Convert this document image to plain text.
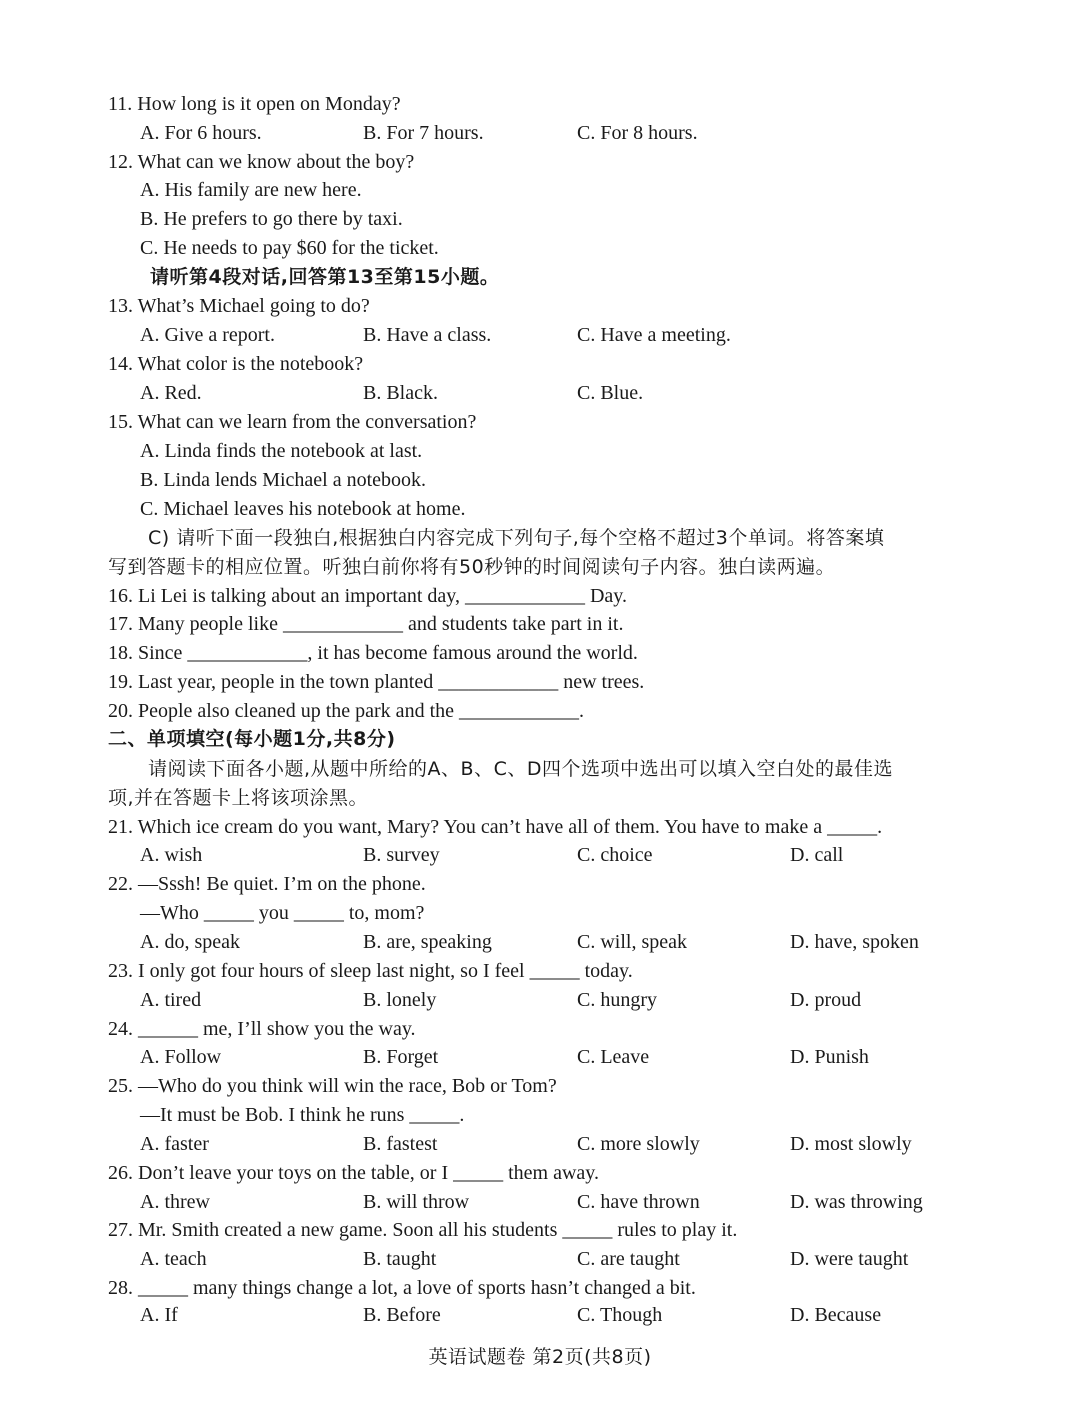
11. How long is it open on Monday?
A. For 6 hours.	B. For 7 hours.	C. For 8 hours.
12. What can we know about the boy?
A. His family are new here.
B. He prefers to go there by taxi.
C. He needs to pay $60 for the ticket.
请听第4段对话,回答第13至第15小题。
13. What’s Michael going to do?
A. Give a report.	B. Have a class.	C. Have a meeting.
14. What color is the notebook?
A. Red.	B. Black.	C. Blue.
15. What can we learn from the conversation?
A. Linda finds the notebook at last.
B. Linda lends Michael a notebook.
C. Michael leaves his notebook at home.
C) 请听下面一段独白,根据独白内容完成下列句子,每个空格不超过3个单词。将答案填
写到答题卡的相应位置。听独白前你将有50秒钟的时间阅读句子内容。独白读两遍。
16. Li Lei is talking about an important day, ____________ Day.
17. Many people like ____________ and students take part in it.
18. Since ____________, it has become famous around the world.
19. Last year, people in the town planted ____________ new trees.
20. People also cleaned up the park and the ____________.
二、单项填空(每小题1分,共8分)
请阅读下面各小题,从题中所给的A、B、C、D四个选项中选出可以填入空白处的最佳选
项,并在答题卡上将该项涂黑。
21. Which ice cream do you want, Mary? You can’t have all of them. You have to make a _____.
A. wish	B. survey	C. choice	D. call
22. —Sssh! Be quiet. I’m on the phone.
—Who _____ you _____ to, mom?
A. do, speak	B. are, speaking	C. will, speak	D. have, spoken
23. I only got four hours of sleep last night, so I feel _____ today.
A. tired	B. lonely	C. hungry	D. proud
24. ______ me, I’ll show you the way.
A. Follow	B. Forget	C. Leave	D. Punish
25. —Who do you think will win the race, Bob or Tom?
—It must be Bob. I think he runs _____.
A. faster	B. fastest	C. more slowly	D. most slowly
26. Don’t leave your toys on the table, or I _____ them away.
A. threw	B. will throw	C. have thrown	D. was throwing
27. Mr. Smith created a new game. Soon all his students _____ rules to play it.
A. teach	B. taught	C. are taught	D. were taught
28. _____ many things change a lot, a love of sports hasn’t changed a bit.
A. If	B. Before	C. Though	D. Because
英语试题卷 第2页(共8页)
